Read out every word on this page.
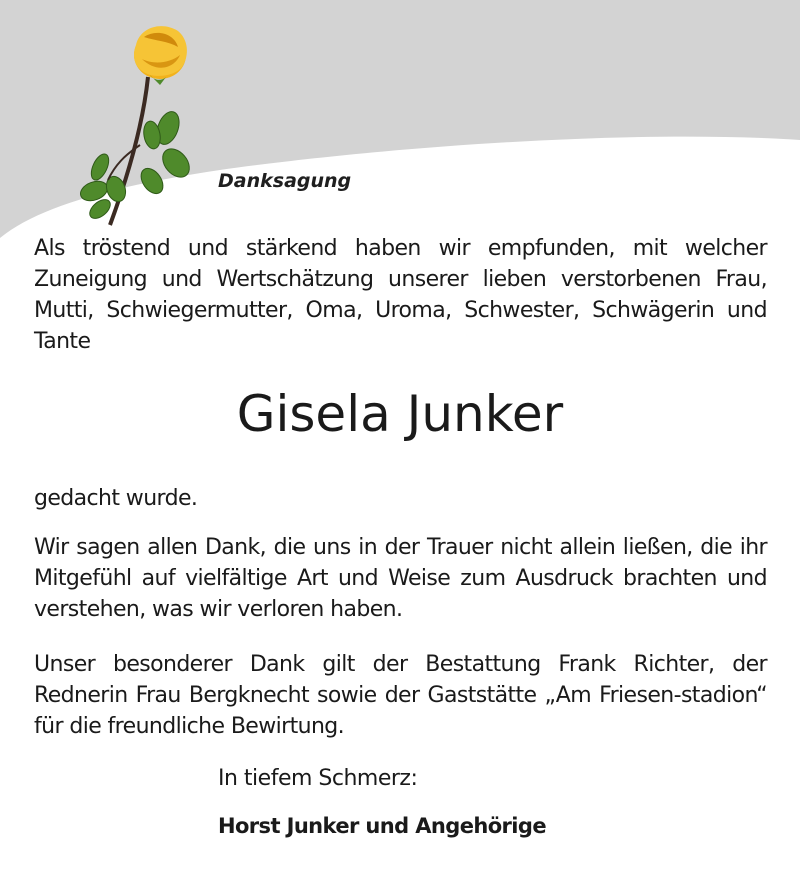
Danksagung

Als tröstend und stärkend haben wir empfunden, mit welcher Zuneigung und Wertschätzung unserer lieben verstorbenen Frau, Mutti, Schwiegermutter, Oma, Uroma, Schwester, Schwägerin und Tante

Gisela Junker

gedacht wurde.

Wir sagen allen Dank, die uns in der Trauer nicht allein ließen, die ihr Mitgefühl auf vielfältige Art und Weise zum Ausdruck brachten und verstehen, was wir verloren haben.

Unser besonderer Dank gilt der Bestattung Frank Richter, der Rednerin Frau Bergknecht sowie der Gaststätte „Am Friesen-stadion“ für die freundliche Bewirtung.

In tiefem Schmerz:

Horst Junker und Angehörige
